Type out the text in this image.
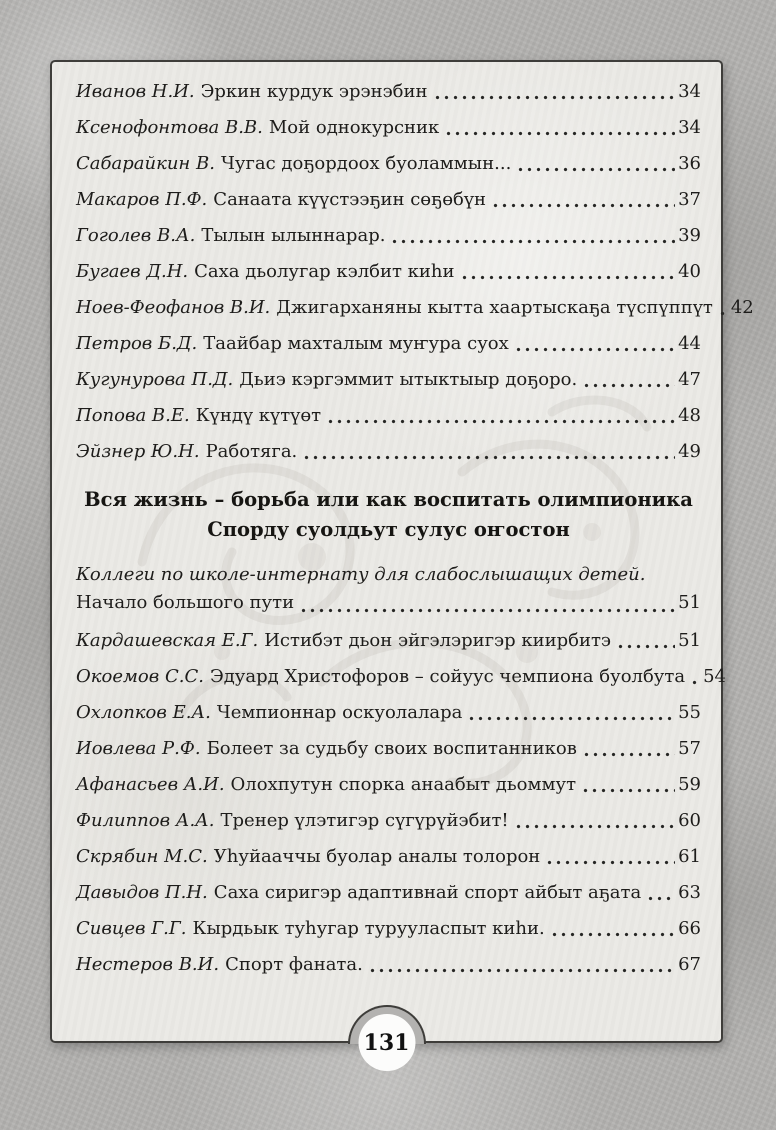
Иванов Н.И. Эркин курдук эрэнэбин	34
Ксенофонтова В.В. Мой однокурсник	34
Сабарайкин В. Чугас доҕордоох буоламмын...	36
Макаров П.Ф. Санаата күүстээҕин сөҕөбүн	37
Гоголев В.А. Тылын ылыннарар.	39
Бугаев Д.Н. Саха дьолугар кэлбит киһи	40
Ноев-Феофанов В.И. Джигарханяны кытта хаартыскаҕа түспүппүт 42
Петров Б.Д. Таайбар махталым муҥура суох	44
Кугунурова П.Д. Дьиэ кэргэммит ытыктыыр доҕоро.	47
Попова В.Е. Күндү күтүөт	48
Эйзнер Ю.Н. Работяга.	49
Вся жизнь – борьба или как воспитать олимпионика
Спорду суолдьут сулус оҥостон
Коллеги по школе-интернату для слабослышащих детей.
Начало большого пути	51
Кардашевская Е.Г. Истибэт дьон эйгэлэригэр киирбитэ	51
Окоемов С.С. Эдуард Христофоров – сойуус чемпиона буолбута 54
Охлопков Е.А. Чемпионнар оскуолалара	55
Иовлева Р.Ф. Болеет за судьбу своих воспитанников	57
Афанасьев А.И. Олохпутун спорка анаабыт дьоммут	59
Филиппов А.А. Тренер үлэтигэр сүгүрүйэбит!	60
Скрябин М.С. Уһуйааччы буолар аналы толорон	61
Давыдов П.Н. Саха сиригэр адаптивнай спорт айбыт аҕата 63
Сивцев Г.Г. Кырдьык туһугар турууласпыт киһи.	66
Нестеров В.И. Спорт фаната.	67
131
